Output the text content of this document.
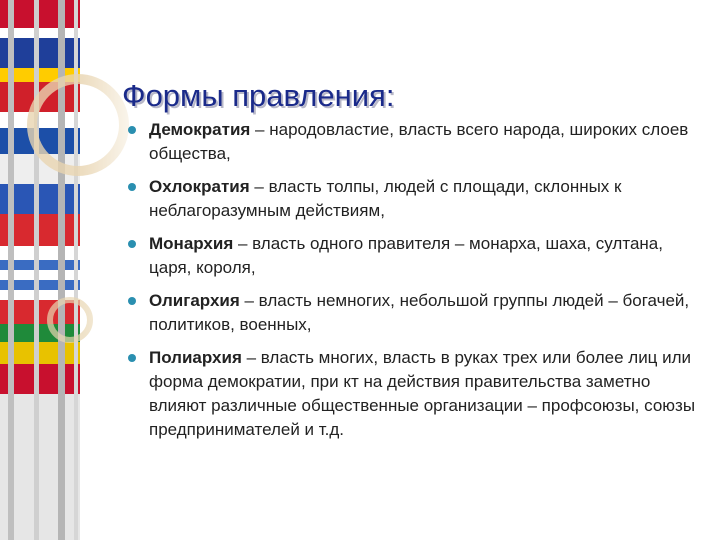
Формы правления:
Демократия – народовластие, власть всего народа, широких слоев общества,
Охлократия – власть толпы, людей с площади, склонных к неблагоразумным действиям,
Монархия – власть одного правителя – монарха, шаха, султана, царя, короля,
Олигархия – власть немногих, небольшой группы людей – богачей, политиков, военных,
Полиархия – власть многих, власть в руках трех или более лиц или форма демократии, при кт на действия правительства заметно влияют различные общественные организации – профсоюзы, союзы предпринимателей и т.д.
